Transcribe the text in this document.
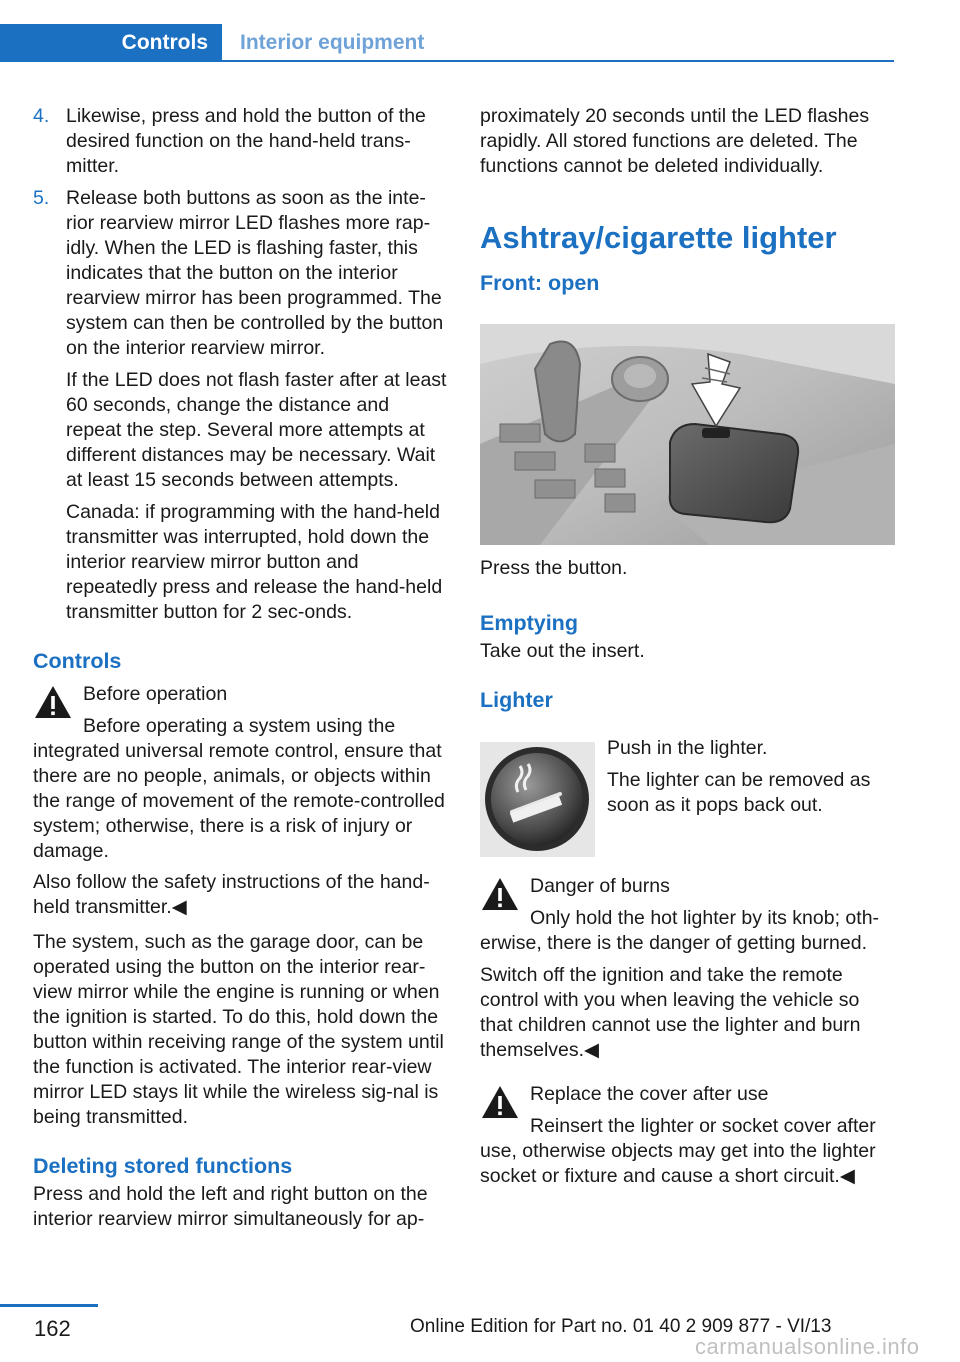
Controls	Interior equipment
4. Likewise, press and hold the button of the desired function on the hand-held trans-mitter.

5. Release both buttons as soon as the inte-rior rearview mirror LED flashes more rap-idly. When the LED is flashing faster, this indicates that the button on the interior rearview mirror has been programmed. The system can then be controlled by the button on the interior rearview mirror.

If the LED does not flash faster after at least 60 seconds, change the distance and repeat the step. Several more attempts at different distances may be necessary. Wait at least 15 seconds between attempts.

Canada: if programming with the hand-held transmitter was interrupted, hold down the interior rearview mirror button and repeatedly press and release the hand-held transmitter button for 2 sec-onds.

Controls

Before operation

Before operating a system using the integrated universal remote control, ensure that there are no people, animals, or objects within the range of movement of the remote-controlled system; otherwise, there is a risk of injury or damage.

Also follow the safety instructions of the hand-held transmitter.◀

The system, such as the garage door, can be operated using the button on the interior rear-view mirror while the engine is running or when the ignition is started. To do this, hold down the button within receiving range of the system until the function is activated. The interior rear-view mirror LED stays lit while the wireless sig-nal is being transmitted.

Deleting stored functions

Press and hold the left and right button on the interior rearview mirror simultaneously for ap-

proximately 20 seconds until the LED flashes rapidly. All stored functions are deleted. The functions cannot be deleted individually.

Ashtray/cigarette lighter
Front: open

Press the button.

Emptying

Take out the insert.

Lighter

Push in the lighter.

The lighter can be removed as soon as it pops back out.

Danger of burns

Only hold the hot lighter by its knob; oth-erwise, there is the danger of getting burned.

Switch off the ignition and take the remote control with you when leaving the vehicle so that children cannot use the lighter and burn themselves.◀

Replace the cover after use

Reinsert the lighter or socket cover after use, otherwise objects may get into the lighter socket or fixture and cause a short circuit.◀

162	Online Edition for Part no. 01 40 2 909 877 - VI/13
carmanualsonline.info
